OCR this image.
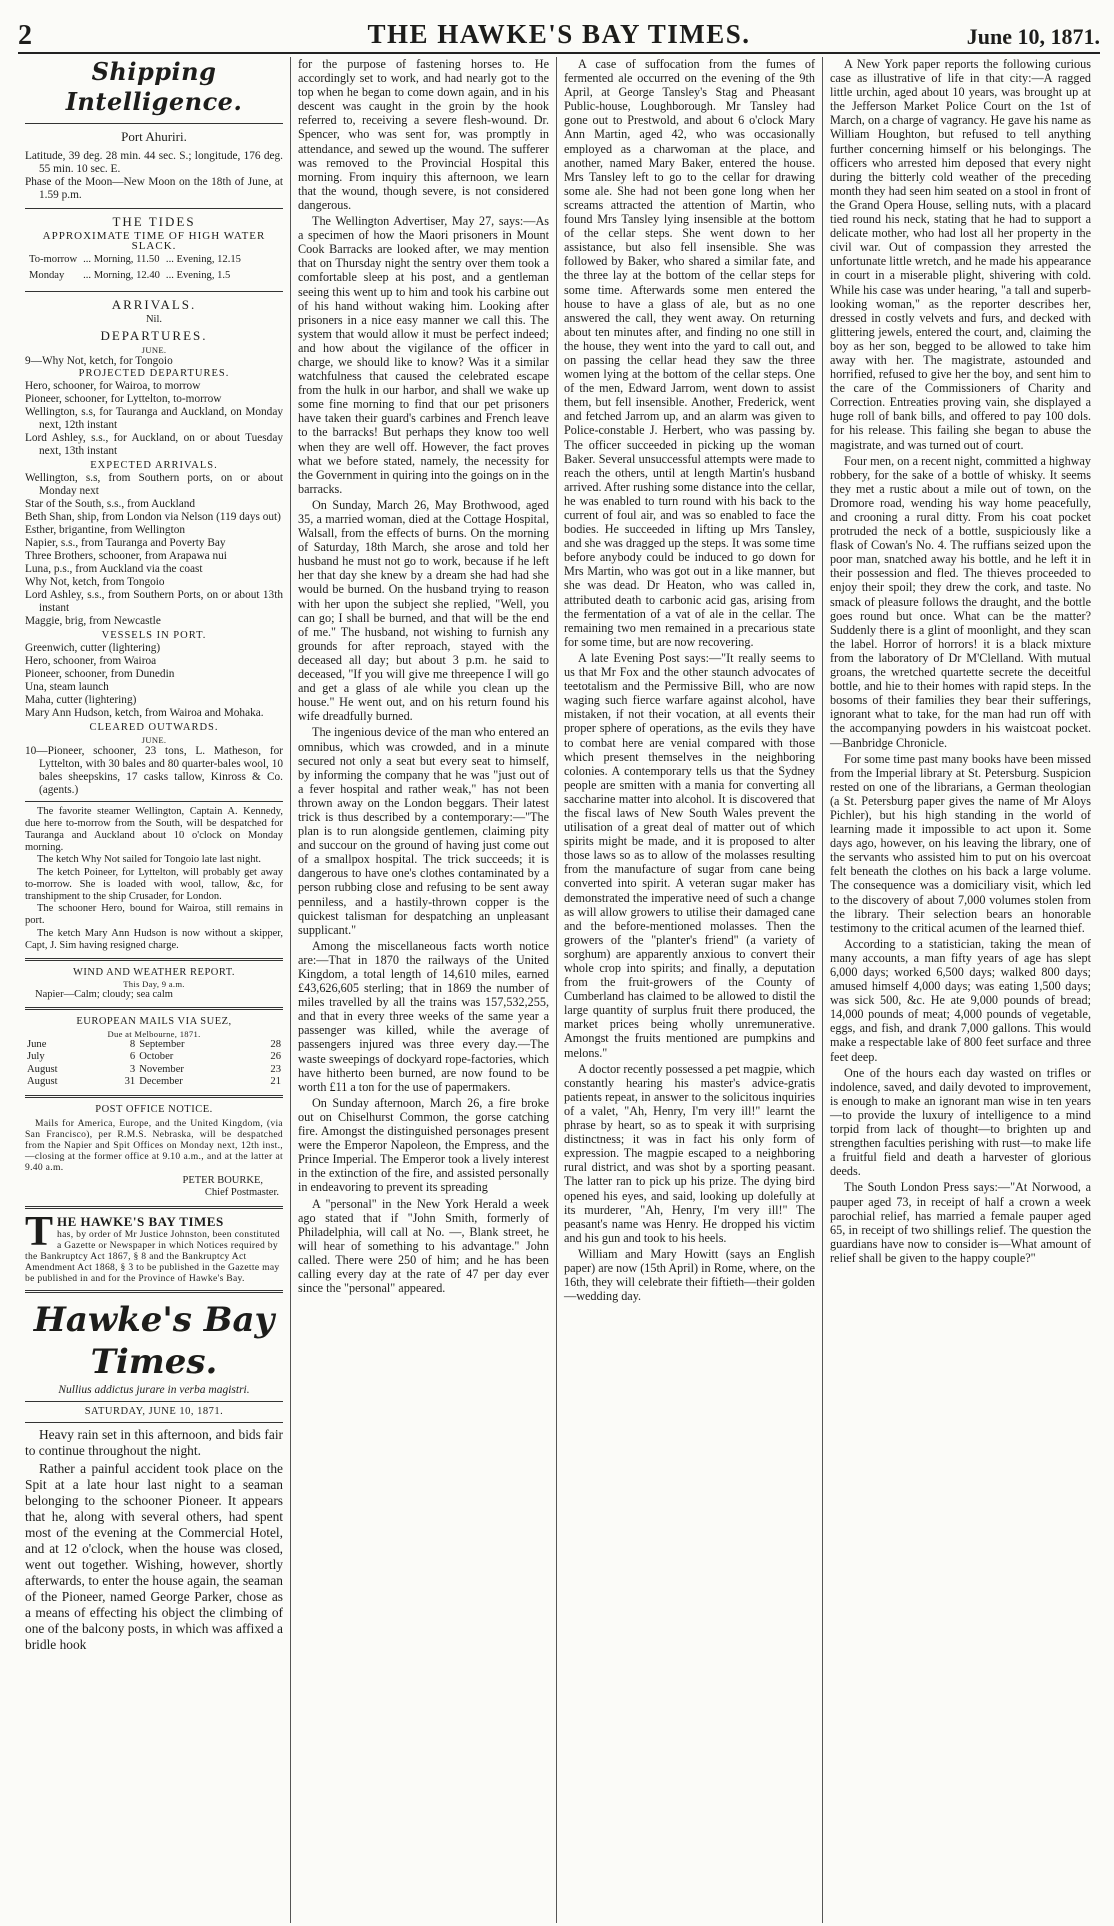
2	THE HAWKE'S BAY TIMES.	June 10, 1871.
Shipping Intelligence.
Port Ahuriri.

Latitude, 39 deg. 28 min. 44 sec. S.; longitude, 176 deg. 55 min. 10 sec. E.

Phase of the Moon—New Moon on the 18th of June, at 1.59 p.m.

THE TIDES
APPROXIMATE TIME OF HIGH WATER SLACK.
To-morrow	... Morning, 11.50	... Evening, 12.15
Monday	... Morning, 12.40	... Evening, 1.5
ARRIVALS.
Nil.
DEPARTURES.
JUNE.

9—Why Not, ketch, for Tongoio

PROJECTED DEPARTURES.

Hero, schooner, for Wairoa, to morrow

Pioneer, schooner, for Lyttelton, to-morrow

Wellington, s.s, for Tauranga and Auckland, on Monday next, 12th instant

Lord Ashley, s.s., for Auckland, on or about Tuesday next, 13th instant

EXPECTED ARRIVALS.

Wellington, s.s, from Southern ports, on or about Monday next

Star of the South, s.s., from Auckland

Beth Shan, ship, from London via Nelson (119 days out)

Esther, brigantine, from Wellington

Napier, s.s., from Tauranga and Poverty Bay

Three Brothers, schooner, from Arapawa nui

Luna, p.s., from Auckland via the coast

Why Not, ketch, from Tongoio

Lord Ashley, s.s., from Southern Ports, on or about 13th instant

Maggie, brig, from Newcastle

VESSELS IN PORT.

Greenwich, cutter (lightering)

Hero, schooner, from Wairoa

Pioneer, schooner, from Dunedin

Una, steam launch

Maha, cutter (lightering)

Mary Ann Hudson, ketch, from Wairoa and Mohaka.

CLEARED OUTWARDS.
JUNE.

10—Pioneer, schooner, 23 tons, L. Matheson, for Lyttelton, with 30 bales and 80 quarter-bales wool, 10 bales sheepskins, 17 casks tallow, Kinross & Co. (agents.)

The favorite steamer Wellington, Captain A. Kennedy, due here to-morrow from the South, will be despatched for Tauranga and Auckland about 10 o'clock on Monday morning.

The ketch Why Not sailed for Tongoio late last night.

The ketch Poineer, for Lyttelton, will probably get away to-morrow. She is loaded with wool, tallow, &c, for transhipment to the ship Crusader, for London.

The schooner Hero, bound for Wairoa, still remains in port.

The ketch Mary Ann Hudson is now without a skipper, Capt, J. Sim having resigned charge.

WIND AND WEATHER REPORT.
This Day, 9 a.m.
Napier—Calm; cloudy; sea calm
EUROPEAN MAILS VIA SUEZ,
Due at Melbourne, 1871.
June	8	September	28
July	6	October	26
August	3	November	23
August	31	December	21
POST OFFICE NOTICE.

Mails for America, Europe, and the United Kingdom, (via San Francisco), per R.M.S. Nebraska, will be despatched from the Napier and Spit Offices on Monday next, 12th inst.,—closing at the former office at 9.10 a.m., and at the latter at 9.40 a.m.

PETER BOURKE,
Chief Postmaster.
T HE HAWKE'S BAY TIMES
has, by order of Mr Justice Johnston, been constituted a Gazette or Newspaper in which Notices required by the Bankruptcy Act 1867, § 8 and the Bankruptcy Act Amendment Act 1868, § 3 to be published in the Gazette may be published in and for the Province of Hawke's Bay.
Hawke's Bay Times.
Nullius addictus jurare in verba magistri.
SATURDAY, JUNE 10, 1871.

Heavy rain set in this afternoon, and bids fair to continue throughout the night.

Rather a painful accident took place on the Spit at a late hour last night to a seaman belonging to the schooner Pioneer. It appears that he, along with several others, had spent most of the evening at the Commercial Hotel, and at 12 o'clock, when the house was closed, went out together. Wishing, however, shortly afterwards, to enter the house again, the seaman of the Pioneer, named George Parker, chose as a means of effecting his object the climbing of one of the balcony posts, in which was affixed a bridle hook

for the purpose of fastening horses to. He accordingly set to work, and had nearly got to the top when he began to come down again, and in his descent was caught in the groin by the hook referred to, receiving a severe flesh-wound. Dr. Spencer, who was sent for, was promptly in attendance, and sewed up the wound. The sufferer was removed to the Provincial Hospital this morning. From inquiry this afternoon, we learn that the wound, though severe, is not considered dangerous.

The Wellington Advertiser, May 27, says:—As a specimen of how the Maori prisoners in Mount Cook Barracks are looked after, we may mention that on Thursday night the sentry over them took a comfortable sleep at his post, and a gentleman seeing this went up to him and took his carbine out of his hand without waking him. Looking after prisoners in a nice easy manner we call this. The system that would allow it must be perfect indeed; and how about the vigilance of the officer in charge, we should like to know? Was it a similar watchfulness that caused the celebrated escape from the hulk in our harbor, and shall we wake up some fine morning to find that our pet prisoners have taken their guard's carbines and French leave to the barracks! But perhaps they know too well when they are well off. However, the fact proves what we before stated, namely, the necessity for the Government in quiring into the goings on in the barracks.

On Sunday, March 26, May Brothwood, aged 35, a married woman, died at the Cottage Hospital, Walsall, from the effects of burns. On the morning of Saturday, 18th March, she arose and told her husband he must not go to work, because if he left her that day she knew by a dream she had had she would be burned. On the husband trying to reason with her upon the subject she replied, "Well, you can go; I shall be burned, and that will be the end of me." The husband, not wishing to furnish any grounds for after reproach, stayed with the deceased all day; but about 3 p.m. he said to deceased, "If you will give me threepence I will go and get a glass of ale while you clean up the house." He went out, and on his return found his wife dreadfully burned.

The ingenious device of the man who entered an omnibus, which was crowded, and in a minute secured not only a seat but every seat to himself, by informing the company that he was "just out of a fever hospital and rather weak," has not been thrown away on the London beggars. Their latest trick is thus described by a contemporary:—"The plan is to run alongside gentlemen, claiming pity and succour on the ground of having just come out of a smallpox hospital. The trick succeeds; it is dangerous to have one's clothes contaminated by a person rubbing close and refusing to be sent away penniless, and a hastily-thrown copper is the quickest talisman for despatching an unpleasant supplicant."

Among the miscellaneous facts worth notice are:—That in 1870 the railways of the United Kingdom, a total length of 14,610 miles, earned £43,626,605 sterling; that in 1869 the number of miles travelled by all the trains was 157,532,255, and that in every three weeks of the same year a passenger was killed, while the average of passengers injured was three every day.—The waste sweepings of dockyard rope-factories, which have hitherto been burned, are now found to be worth £11 a ton for the use of papermakers.

On Sunday afternoon, March 26, a fire broke out on Chiselhurst Common, the gorse catching fire. Amongst the distinguished personages present were the Emperor Napoleon, the Empress, and the Prince Imperial. The Emperor took a lively interest in the extinction of the fire, and assisted personally in endeavoring to prevent its spreading

A "personal" in the New York Herald a week ago stated that if "John Smith, formerly of Philadelphia, will call at No. —, Blank street, he will hear of something to his advantage." John called. There were 250 of him; and he has been calling every day at the rate of 47 per day ever since the "personal" appeared.

A case of suffocation from the fumes of fermented ale occurred on the evening of the 9th April, at George Tansley's Stag and Pheasant Public-house, Loughborough. Mr Tansley had gone out to Prestwold, and about 6 o'clock Mary Ann Martin, aged 42, who was occasionally employed as a charwoman at the place, and another, named Mary Baker, entered the house. Mrs Tansley left to go to the cellar for drawing some ale. She had not been gone long when her screams attracted the attention of Martin, who found Mrs Tansley lying insensible at the bottom of the cellar steps. She went down to her assistance, but also fell insensible. She was followed by Baker, who shared a similar fate, and the three lay at the bottom of the cellar steps for some time. Afterwards some men entered the house to have a glass of ale, but as no one answered the call, they went away. On returning about ten minutes after, and finding no one still in the house, they went into the yard to call out, and on passing the cellar head they saw the three women lying at the bottom of the cellar steps. One of the men, Edward Jarrom, went down to assist them, but fell insensible. Another, Frederick, went and fetched Jarrom up, and an alarm was given to Police-constable J. Herbert, who was passing by. The officer succeeded in picking up the woman Baker. Several unsuccessful attempts were made to reach the others, until at length Martin's husband arrived. After rushing some distance into the cellar, he was enabled to turn round with his back to the current of foul air, and was so enabled to face the bodies. He succeeded in lifting up Mrs Tansley, and she was dragged up the steps. It was some time before anybody could be induced to go down for Mrs Martin, who was got out in a like manner, but she was dead. Dr Heaton, who was called in, attributed death to carbonic acid gas, arising from the fermentation of a vat of ale in the cellar. The remaining two men remained in a precarious state for some time, but are now recovering.

A late Evening Post says:—"It really seems to us that Mr Fox and the other staunch advocates of teetotalism and the Permissive Bill, who are now waging such fierce warfare against alcohol, have mistaken, if not their vocation, at all events their proper sphere of operations, as the evils they have to combat here are venial compared with those which present themselves in the neighboring colonies. A contemporary tells us that the Sydney people are smitten with a mania for converting all saccharine matter into alcohol. It is discovered that the fiscal laws of New South Wales prevent the utilisation of a great deal of matter out of which spirits might be made, and it is proposed to alter those laws so as to allow of the molasses resulting from the manufacture of sugar from cane being converted into spirit. A veteran sugar maker has demonstrated the imperative need of such a change as will allow growers to utilise their damaged cane and the before-mentioned molasses. Then the growers of the "planter's friend" (a variety of sorghum) are apparently anxious to convert their whole crop into spirits; and finally, a deputation from the fruit-growers of the County of Cumberland has claimed to be allowed to distil the large quantity of surplus fruit there produced, the market prices being wholly unremunerative. Amongst the fruits mentioned are pumpkins and melons."

A doctor recently possessed a pet magpie, which constantly hearing his master's advice-gratis patients repeat, in answer to the solicitous inquiries of a valet, "Ah, Henry, I'm very ill!" learnt the phrase by heart, so as to speak it with surprising distinctness; it was in fact his only form of expression. The magpie escaped to a neighboring rural district, and was shot by a sporting peasant. The latter ran to pick up his prize. The dying bird opened his eyes, and said, looking up dolefully at its murderer, "Ah, Henry, I'm very ill!" The peasant's name was Henry. He dropped his victim and his gun and took to his heels.

William and Mary Howitt (says an English paper) are now (15th April) in Rome, where, on the 16th, they will celebrate their fiftieth—their golden—wedding day.

A New York paper reports the following curious case as illustrative of life in that city:—A ragged little urchin, aged about 10 years, was brought up at the Jefferson Market Police Court on the 1st of March, on a charge of vagrancy. He gave his name as William Houghton, but refused to tell anything further concerning himself or his belongings. The officers who arrested him deposed that every night during the bitterly cold weather of the preceding month they had seen him seated on a stool in front of the Grand Opera House, selling nuts, with a placard tied round his neck, stating that he had to support a delicate mother, who had lost all her property in the civil war. Out of compassion they arrested the unfortunate little wretch, and he made his appearance in court in a miserable plight, shivering with cold. While his case was under hearing, "a tall and superb-looking woman," as the reporter describes her, dressed in costly velvets and furs, and decked with glittering jewels, entered the court, and, claiming the boy as her son, begged to be allowed to take him away with her. The magistrate, astounded and horrified, refused to give her the boy, and sent him to the care of the Commissioners of Charity and Correction. Entreaties proving vain, she displayed a huge roll of bank bills, and offered to pay 100 dols. for his release. This failing she began to abuse the magistrate, and was turned out of court.

Four men, on a recent night, committed a highway robbery, for the sake of a bottle of whisky. It seems they met a rustic about a mile out of town, on the Dromore road, wending his way home peacefully, and crooning a rural ditty. From his coat pocket protruded the neck of a bottle, suspiciously like a flask of Cowan's No. 4. The ruffians seized upon the poor man, snatched away his bottle, and he left it in their possession and fled. The thieves proceeded to enjoy their spoil; they drew the cork, and taste. No smack of pleasure follows the draught, and the bottle goes round but once. What can be the matter? Suddenly there is a glint of moonlight, and they scan the label. Horror of horrors! it is a black mixture from the laboratory of Dr M'Clelland. With mutual groans, the wretched quartette secrete the deceitful bottle, and hie to their homes with rapid steps. In the bosoms of their families they bear their sufferings, ignorant what to take, for the man had run off with the accompanying powders in his waistcoat pocket.—Banbridge Chronicle.

For some time past many books have been missed from the Imperial library at St. Petersburg. Suspicion rested on one of the librarians, a German theologian (a St. Petersburg paper gives the name of Mr Aloys Pichler), but his high standing in the world of learning made it impossible to act upon it. Some days ago, however, on his leaving the library, one of the servants who assisted him to put on his overcoat felt beneath the clothes on his back a large volume. The consequence was a domiciliary visit, which led to the discovery of about 7,000 volumes stolen from the library. Their selection bears an honorable testimony to the critical acumen of the learned thief.

According to a statistician, taking the mean of many accounts, a man fifty years of age has slept 6,000 days; worked 6,500 days; walked 800 days; amused himself 4,000 days; was eating 1,500 days; was sick 500, &c. He ate 9,000 pounds of bread; 14,000 pounds of meat; 4,000 pounds of vegetable, eggs, and fish, and drank 7,000 gallons. This would make a respectable lake of 800 feet surface and three feet deep.

One of the hours each day wasted on trifles or indolence, saved, and daily devoted to improvement, is enough to make an ignorant man wise in ten years—to provide the luxury of intelligence to a mind torpid from lack of thought—to brighten up and strengthen faculties perishing with rust—to make life a fruitful field and death a harvester of glorious deeds.

The South London Press says:—"At Norwood, a pauper aged 73, in receipt of half a crown a week parochial relief, has married a female pauper aged 65, in receipt of two shillings relief. The question the guardians have now to consider is—What amount of relief shall be given to the happy couple?"
